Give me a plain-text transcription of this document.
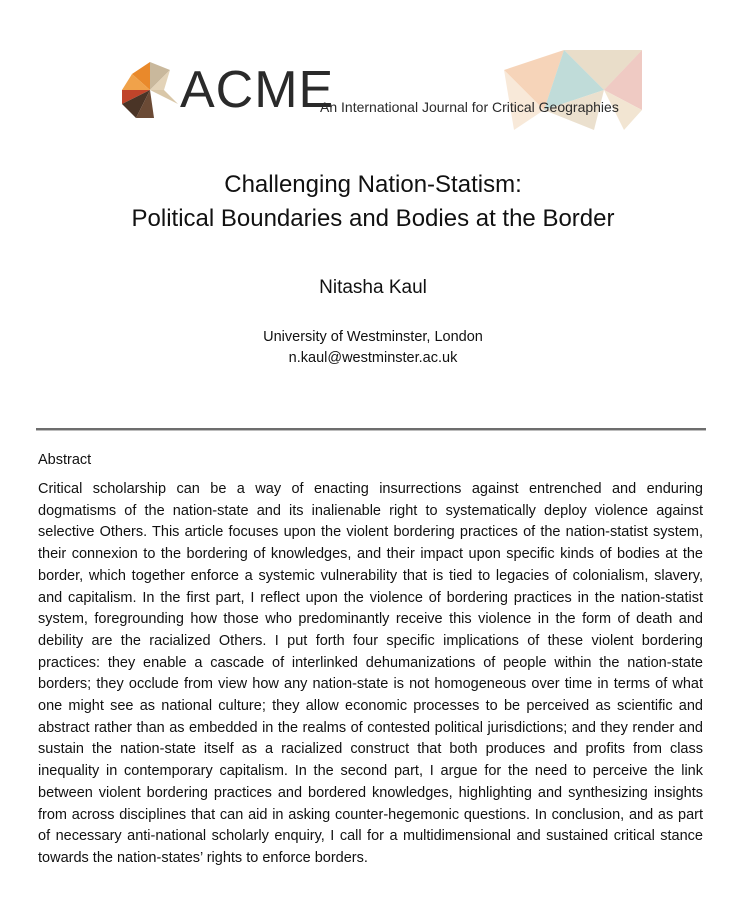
ACME
An International Journal for Critical Geographies
Challenging Nation-Statism:
Political Boundaries and Bodies at the Border
Nitasha Kaul
University of Westminster, London
n.kaul@westminster.ac.uk
Abstract
Critical scholarship can be a way of enacting insurrections against entrenched and enduring dogmatisms of the nation-state and its inalienable right to systematically deploy violence against selective Others. This article focuses upon the violent bordering practices of the nation-statist system, their connexion to the bordering of knowledges, and their impact upon specific kinds of bodies at the border, which together enforce a systemic vulnerability that is tied to legacies of colonialism, slavery, and capitalism. In the first part, I reflect upon the violence of bordering practices in the nation-statist system, foregrounding how those who predominantly receive this violence in the form of death and debility are the racialized Others. I put forth four specific implications of these violent bordering practices: they enable a cascade of interlinked dehumanizations of people within the nation-state borders; they occlude from view how any nation-state is not homogeneous over time in terms of what one might see as national culture; they allow economic processes to be perceived as scientific and abstract rather than as embedded in the realms of contested political jurisdictions; and they render and sustain the nation-state itself as a racialized construct that both produces and profits from class inequality in contemporary capitalism. In the second part, I argue for the need to perceive the link between violent bordering practices and bordered knowledges, highlighting and synthesizing insights from across disciplines that can aid in asking counter-hegemonic questions. In conclusion, and as part of necessary anti-national scholarly enquiry, I call for a multidimensional and sustained critical stance towards the nation-states’ rights to enforce borders.
